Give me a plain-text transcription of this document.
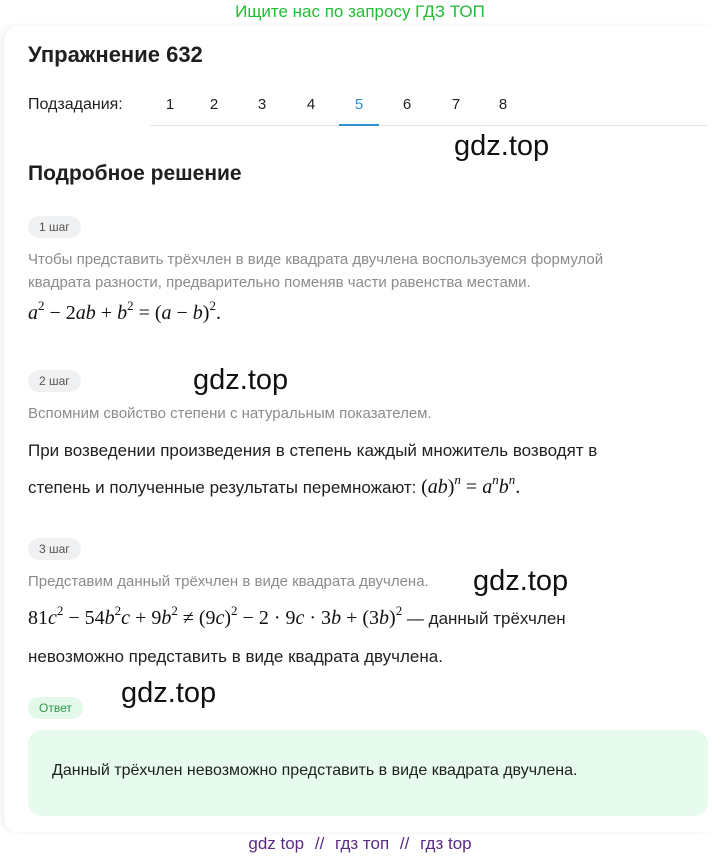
Ищите нас по запросу ГДЗ ТОП
Упражнение 632
Подзадания:	1	2	3	4	5	6	7	8
gdz.top
Подробное решение
1 шаг
Чтобы представить трёхчлен в виде квадрата двучлена воспользуемся формулой
квадрата разности, предварительно поменяв части равенства местами.
$a^2 - 2ab + b^2 = (a - b)^2$.
2 шаг	gdz.top
Вспомним свойство степени с натуральным показателем.
При возведении произведения в степень каждый множитель возводят в
степень и полученные результаты перемножают: $(ab)^n = a^nb^n$.
3 шаг
Представим данный трёхчлен в виде квадрата двучлена. gdz.top
$81c^2 - 54b^2c + 9b^2 \ne (9c)^2 - 2 \cdot 9c \cdot 3b + (3b)^2$ — данный трёхчлен
невозможно представить в виде квадрата двучлена.
gdz.top
Ответ
Данный трёхчлен невозможно представить в виде квадрата двучлена.
gdz top // гдз топ // гдз top
